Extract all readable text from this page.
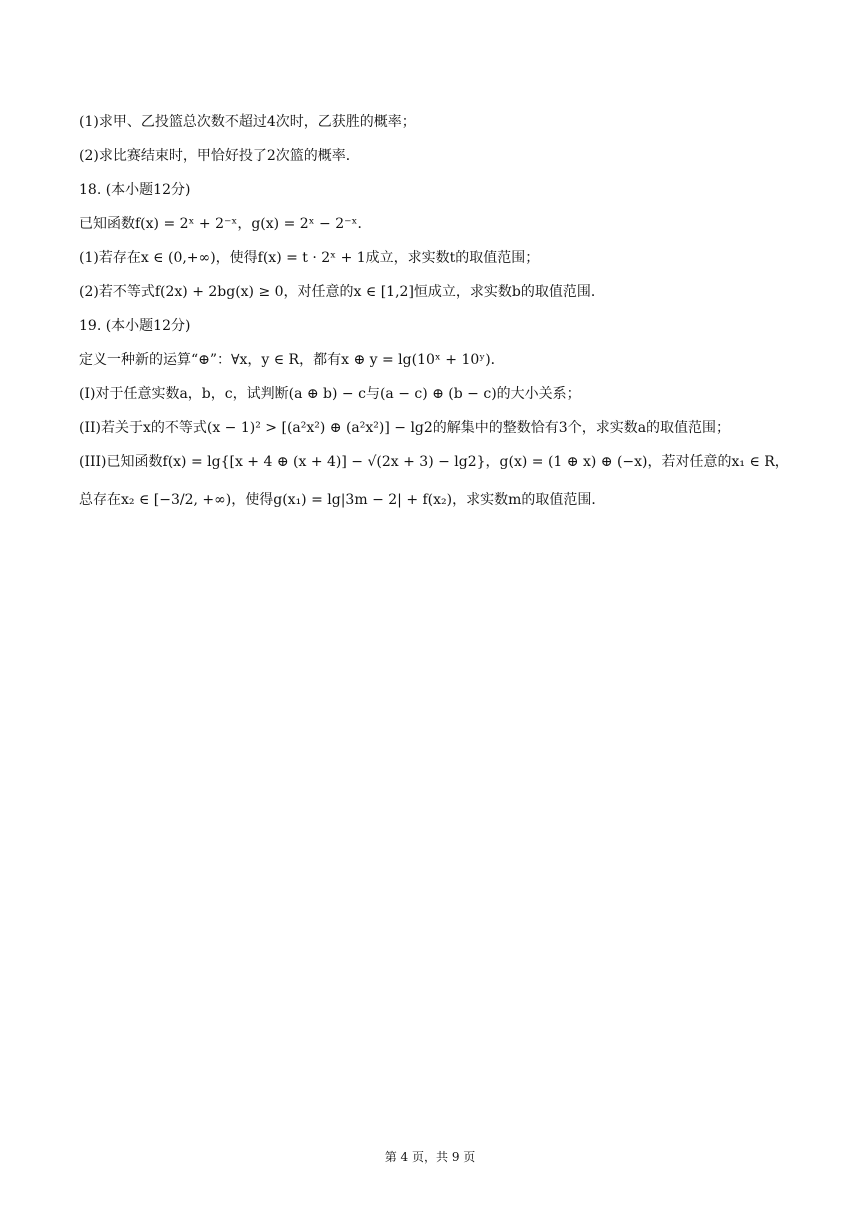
(1)求甲、乙投篮总次数不超过4次时，乙获胜的概率；
(2)求比赛结束时，甲恰好投了2次篮的概率．
18. (本小题12分)
已知函数f(x) = 2ˣ + 2⁻ˣ，g(x) = 2ˣ − 2⁻ˣ．
(1)若存在x ∈ (0,+∞)，使得f(x) = t · 2ˣ + 1成立，求实数t的取值范围；
(2)若不等式f(2x) + 2bg(x) ≥ 0，对任意的x ∈ [1,2]恒成立，求实数b的取值范围．
19. (本小题12分)
定义一种新的运算“⊕”：∀x，y ∈ R，都有x ⊕ y = lg(10ˣ + 10ʸ)．
(I)对于任意实数a，b，c，试判断(a ⊕ b) − c与(a − c) ⊕ (b − c)的大小关系；
(II)若关于x的不等式(x − 1)² > [(a²x²) ⊕ (a²x²)] − lg2的解集中的整数恰有3个，求实数a的取值范围；
(III)已知函数f(x) = lg{[x + 4 ⊕ (x + 4)] − √(2x + 3) − lg2}，g(x) = (1 ⊕ x) ⊕ (−x)，若对任意的x₁ ∈ R，
总存在x₂ ∈ [−3/2, +∞)，使得g(x₁) = lg|3m − 2| + f(x₂)，求实数m的取值范围．
第 4 页，共 9 页
